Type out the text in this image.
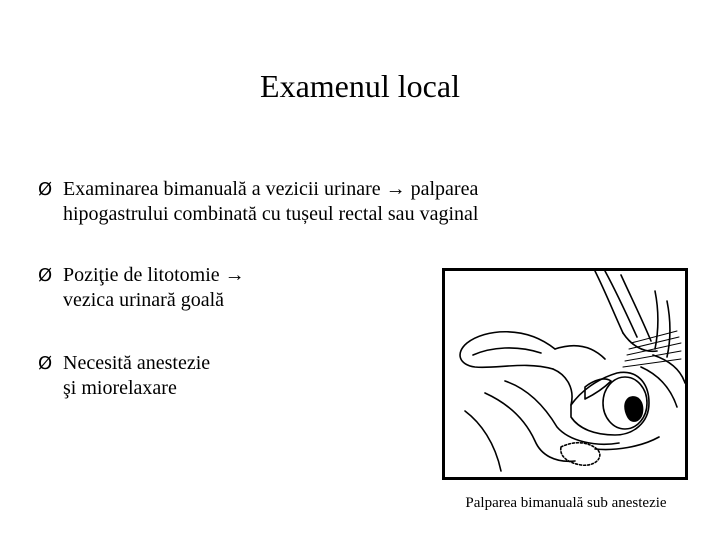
Examenul local
Ø Examinarea bimanuală a vezicii urinare → palparea
hipogastrului combinată cu tușeul rectal sau vaginal
Ø Poziţie de litotomie →
vezica urinară goală
Ø Necesită anestezie
şi miorelaxare
Palparea bimanuală sub anestezie
